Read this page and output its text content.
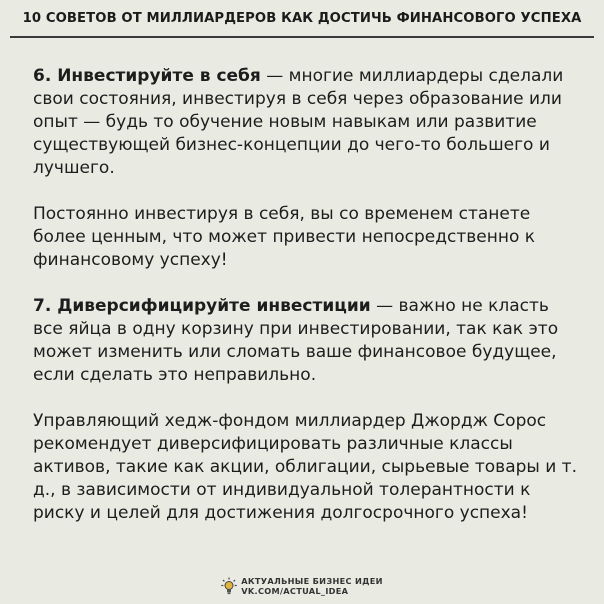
10 СОВЕТОВ ОТ МИЛЛИАРДЕРОВ КАК ДОСТИЧЬ ФИНАНСОВОГО УСПЕХА

6. Инвестируйте в себя — многие миллиардеры сделали свои состояния, инвестируя в себя через образование или опыт — будь то обучение новым навыкам или развитие существующей бизнес-концепции до чего-то большего и лучшего.

Постоянно инвестируя в себя, вы со временем станете более ценным, что может привести непосредственно к финансовому успеху!

7. Диверсифицируйте инвестиции — важно не класть все яйца в одну корзину при инвестировании, так как это может изменить или сломать ваше финансовое будущее, если сделать это неправильно.

Управляющий хедж-фондом миллиардер Джордж Сорос рекомендует диверсифицировать различные классы активов, такие как акции, облигации, сырьевые товары и т. д., в зависимости от индивидуальной толерантности к риску и целей для достижения долгосрочного успеха!

АКТУАЛЬНЫЕ БИЗНЕС ИДЕИ
VK.COM/ACTUAL_IDEA
